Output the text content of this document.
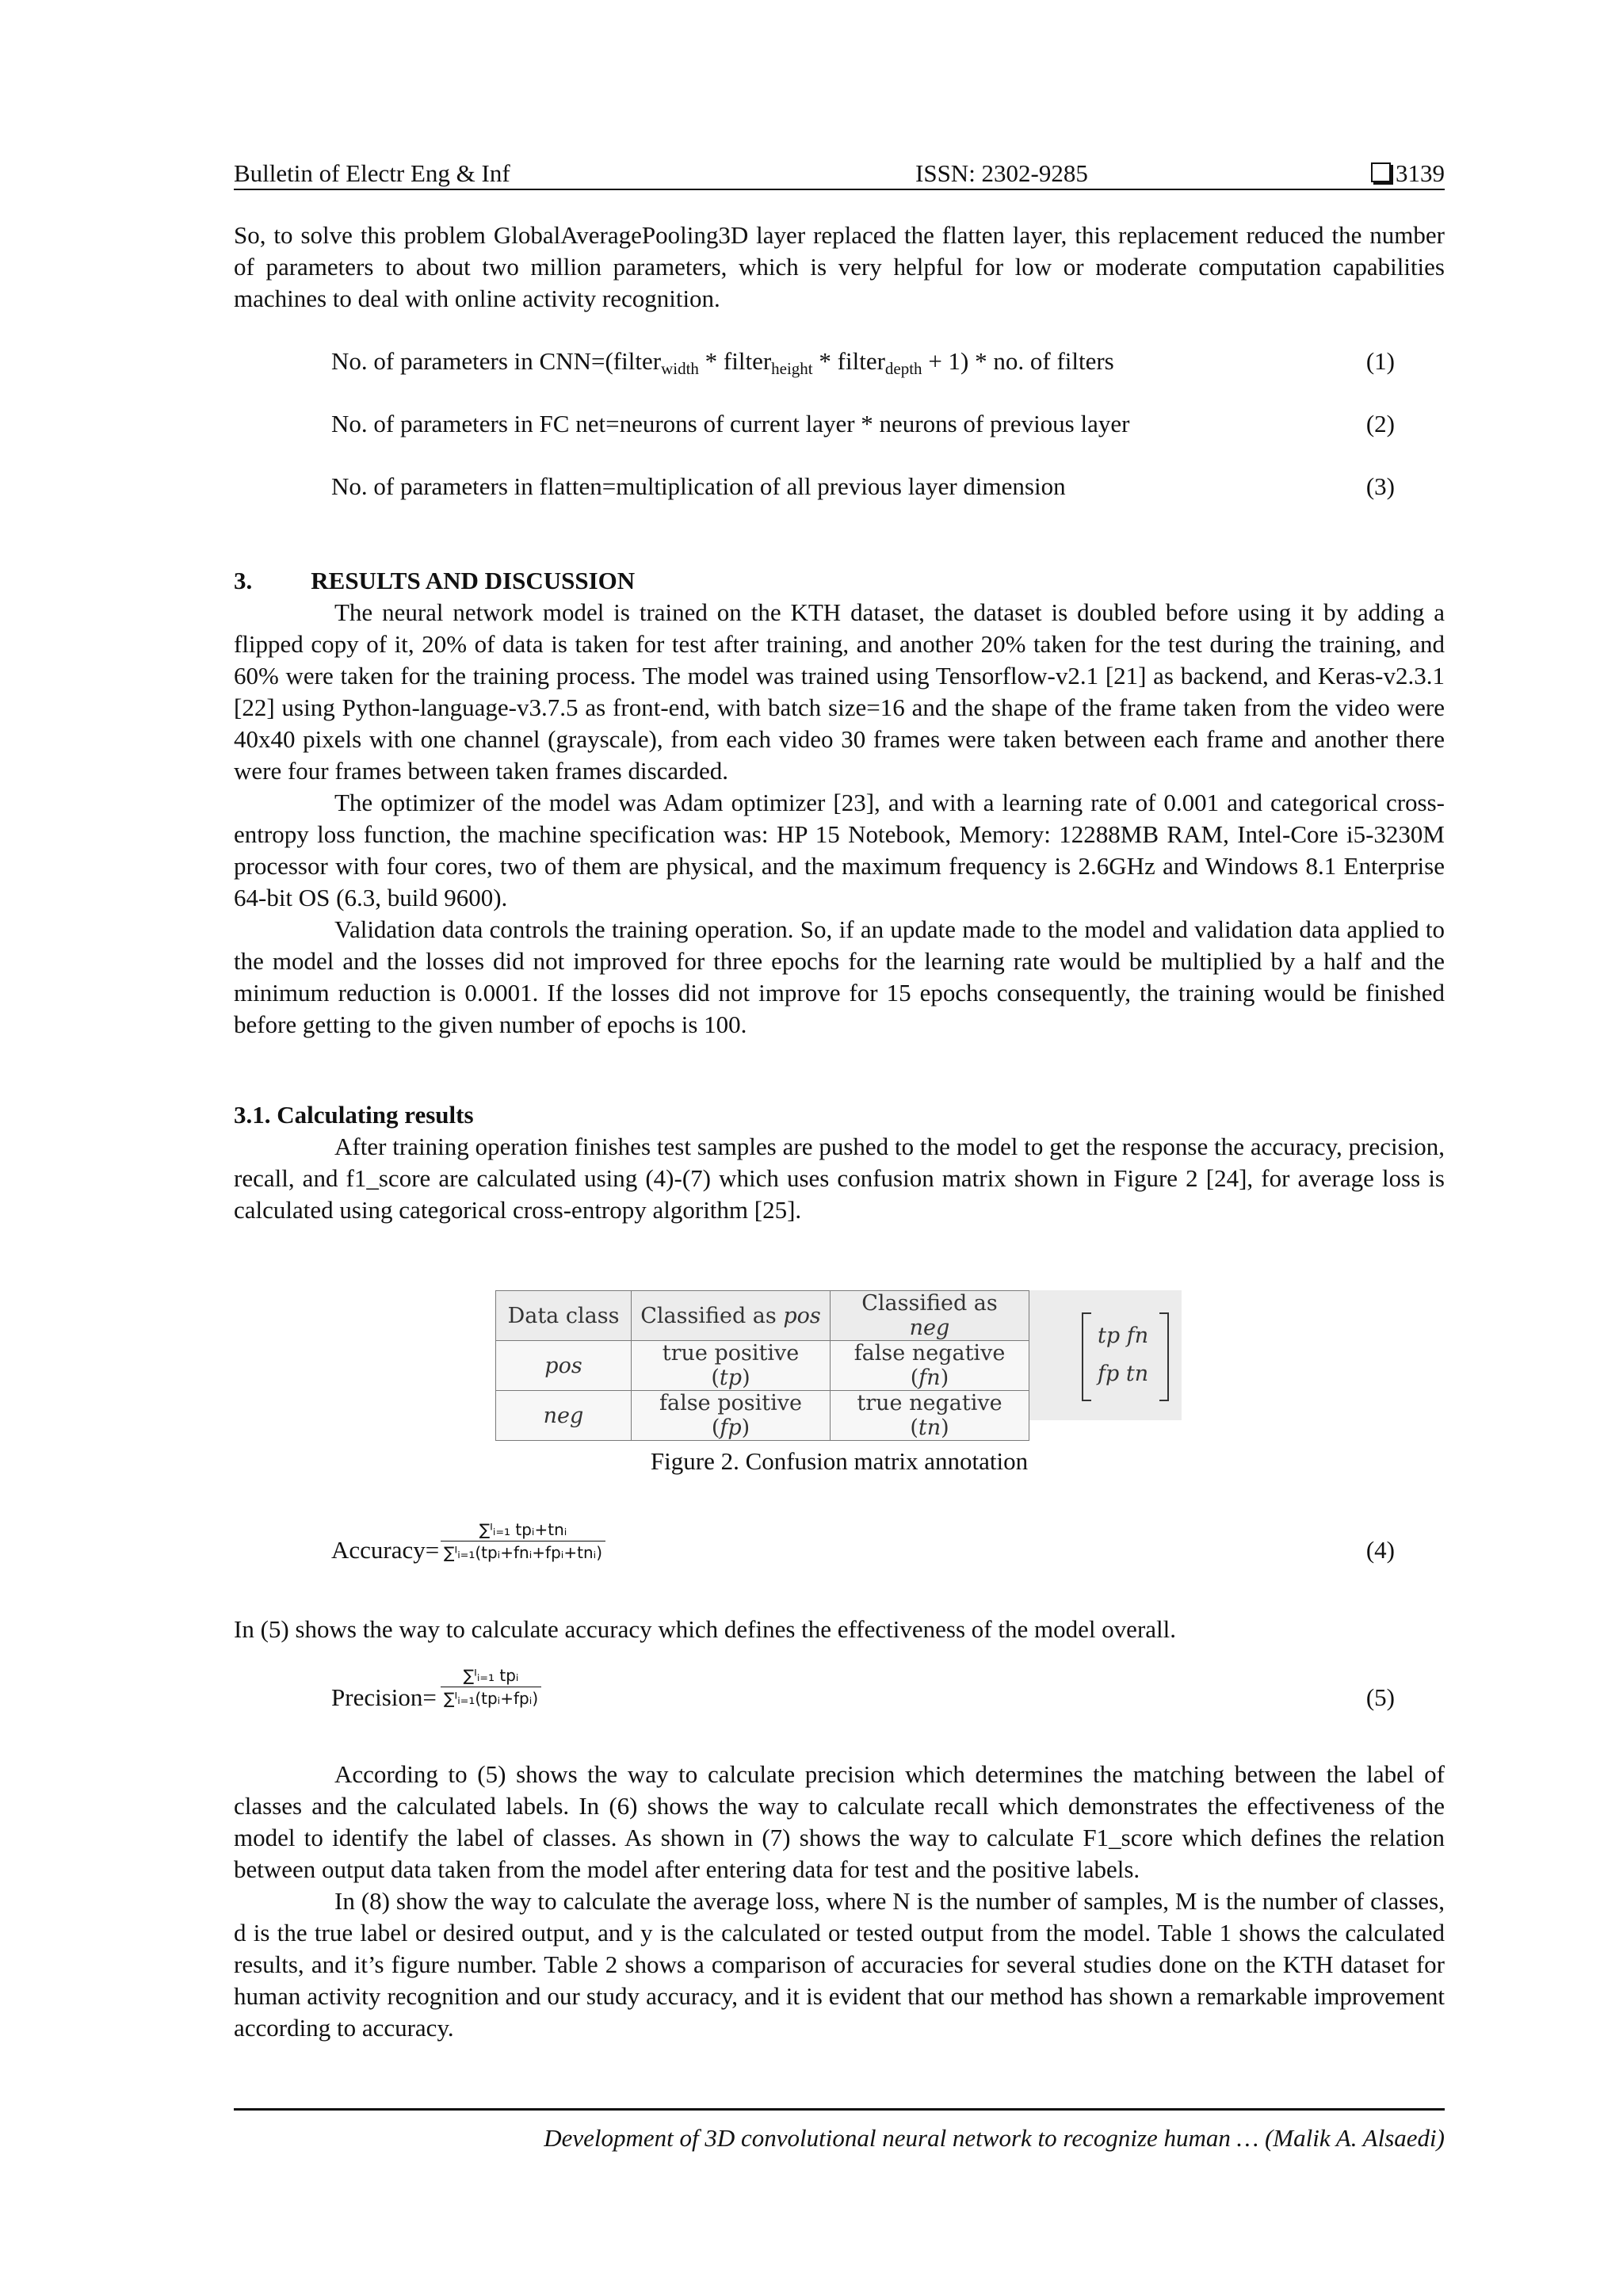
Bulletin of Electr Eng & Inf	ISSN: 2302-9285	3139

So, to solve this problem GlobalAveragePooling3D layer replaced the flatten layer, this replacement reduced the number of parameters to about two million parameters, which is very helpful for low or moderate computation capabilities machines to deal with online activity recognition.

No. of parameters in CNN=(filter$_{width}$ * filter$_{height}$ * filter$_{depth}$ + 1) * no. of filters	(1)
No. of parameters in FC net=neurons of current layer * neurons of previous layer	(2)
No. of parameters in flatten=multiplication of all previous layer dimension	(3)
3. RESULTS AND DISCUSSION

The neural network model is trained on the KTH dataset, the dataset is doubled before using it by adding a flipped copy of it, 20% of data is taken for test after training, and another 20% taken for the test during the training, and 60% were taken for the training process. The model was trained using Tensorflow-v2.1 [21] as backend, and Keras-v2.3.1 [22] using Python-language-v3.7.5 as front-end, with batch size=16 and the shape of the frame taken from the video were 40x40 pixels with one channel (grayscale), from each video 30 frames were taken between each frame and another there were four frames between taken frames discarded.

The optimizer of the model was Adam optimizer [23], and with a learning rate of 0.001 and categorical cross-entropy loss function, the machine specification was: HP 15 Notebook, Memory: 12288MB RAM, Intel-Core i5-3230M processor with four cores, two of them are physical, and the maximum frequency is 2.6GHz and Windows 8.1 Enterprise 64-bit OS (6.3, build 9600).

Validation data controls the training operation. So, if an update made to the model and validation data applied to the model and the losses did not improved for three epochs for the learning rate would be multiplied by a half and the minimum reduction is 0.0001. If the losses did not improve for 15 epochs consequently, the training would be finished before getting to the given number of epochs is 100.

3.1. Calculating results

After training operation finishes test samples are pushed to the model to get the response the accuracy, precision, recall, and f1_score are calculated using (4)-(7) which uses confusion matrix shown in Figure 2 [24], for average loss is calculated using categorical cross-entropy algorithm [25].

Data class	Classified as pos	Classified as neg
pos	true positive (tp)	false negative (fn)
neg	false positive (fp)	true negative (tn)
tp fn
fp tn
Figure 2. Confusion matrix annotation
Accuracy=
∑ᴵᵢ₌₁ tpᵢ+tnᵢ
∑ᴵᵢ₌₁(tpᵢ+fnᵢ+fpᵢ+tnᵢ)	(4)

In (5) shows the way to calculate accuracy which defines the effectiveness of the model overall.

Precision=
∑ᴵᵢ₌₁ tpᵢ
∑ᴵᵢ₌₁(tpᵢ+fpᵢ)	(5)

According to (5) shows the way to calculate precision which determines the matching between the label of classes and the calculated labels. In (6) shows the way to calculate recall which demonstrates the effectiveness of the model to identify the label of classes. As shown in (7) shows the way to calculate F1_score which defines the relation between output data taken from the model after entering data for test and the positive labels.

In (8) show the way to calculate the average loss, where N is the number of samples, M is the number of classes, d is the true label or desired output, and y is the calculated or tested output from the model. Table 1 shows the calculated results, and it’s figure number. Table 2 shows a comparison of accuracies for several studies done on the KTH dataset for human activity recognition and our study accuracy, and it is evident that our method has shown a remarkable improvement according to accuracy.

Development of 3D convolutional neural network to recognize human … (Malik A. Alsaedi)
